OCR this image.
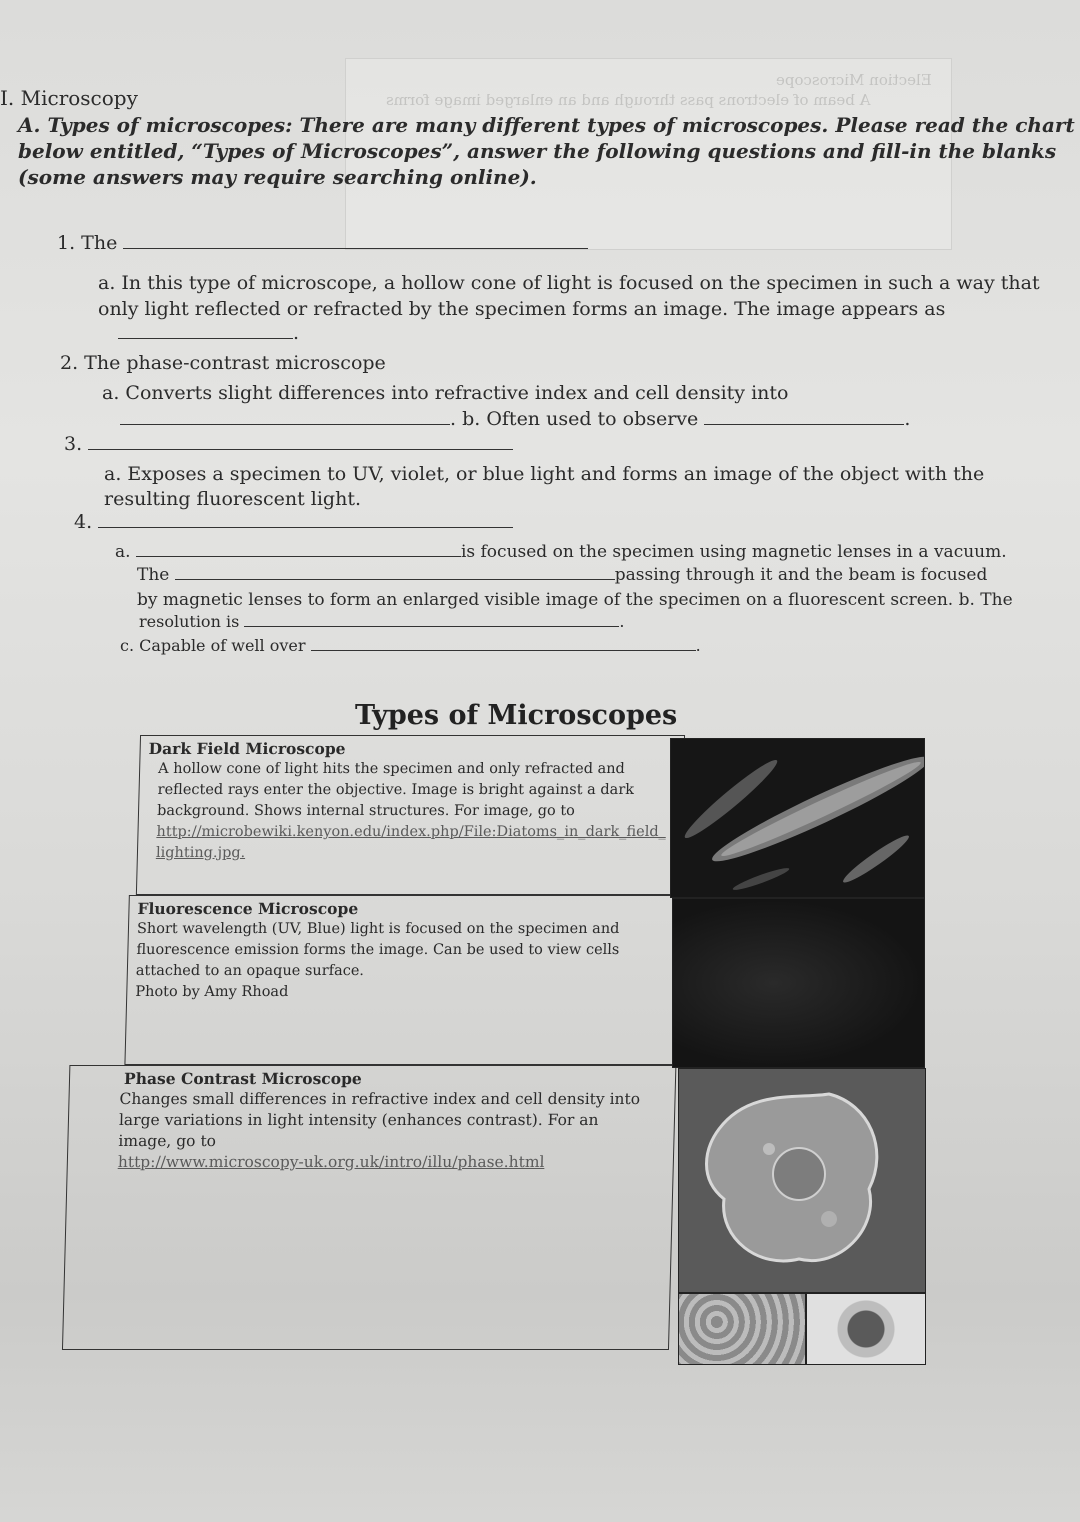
Election Microscope
A beam of electrons pass through and an enlarged image forms
I. Microscopy
A. Types of microscopes: There are many different types of microscopes. Please read the chart below entitled, “Types of Microscopes”, answer the following questions and fill-in the blanks (some answers may require searching online).
1. The
a. In this type of microscope, a hollow cone of light is focused on the specimen in such a way that only light reflected or refracted by the specimen forms an image. The image appears as
.
2. The phase-contrast microscope
a. Converts slight differences into refractive index and cell density into
. b. Often used to observe	.
3.
a. Exposes a specimen to UV, violet, or blue light and forms an image of the object with the resulting fluorescent light.
4.
a.	is focused on the specimen using magnetic lenses in a vacuum.
The	passing through it and the beam is focused
by magnetic lenses to form an enlarged visible image of the specimen on a fluorescent screen. b. The
resolution is	.
c. Capable of well over	.
Types of Microscopes
Dark Field Microscope
A hollow cone of light hits the specimen and only refracted and reflected rays enter the objective. Image is bright against a dark background. Shows internal structures. For image, go to
http://microbewiki.kenyon.edu/index.php/File:Diatoms_in_dark_field_lighting.jpg.
Fluorescence Microscope
Short wavelength (UV, Blue) light is focused on the specimen and fluorescence emission forms the image. Can be used to view cells attached to an opaque surface.
Photo by Amy Rhoad
Phase Contrast Microscope
Changes small differences in refractive index and cell density into large variations in light intensity (enhances contrast). For an image, go to
http://www.microscopy-uk.org.uk/intro/illu/phase.html
